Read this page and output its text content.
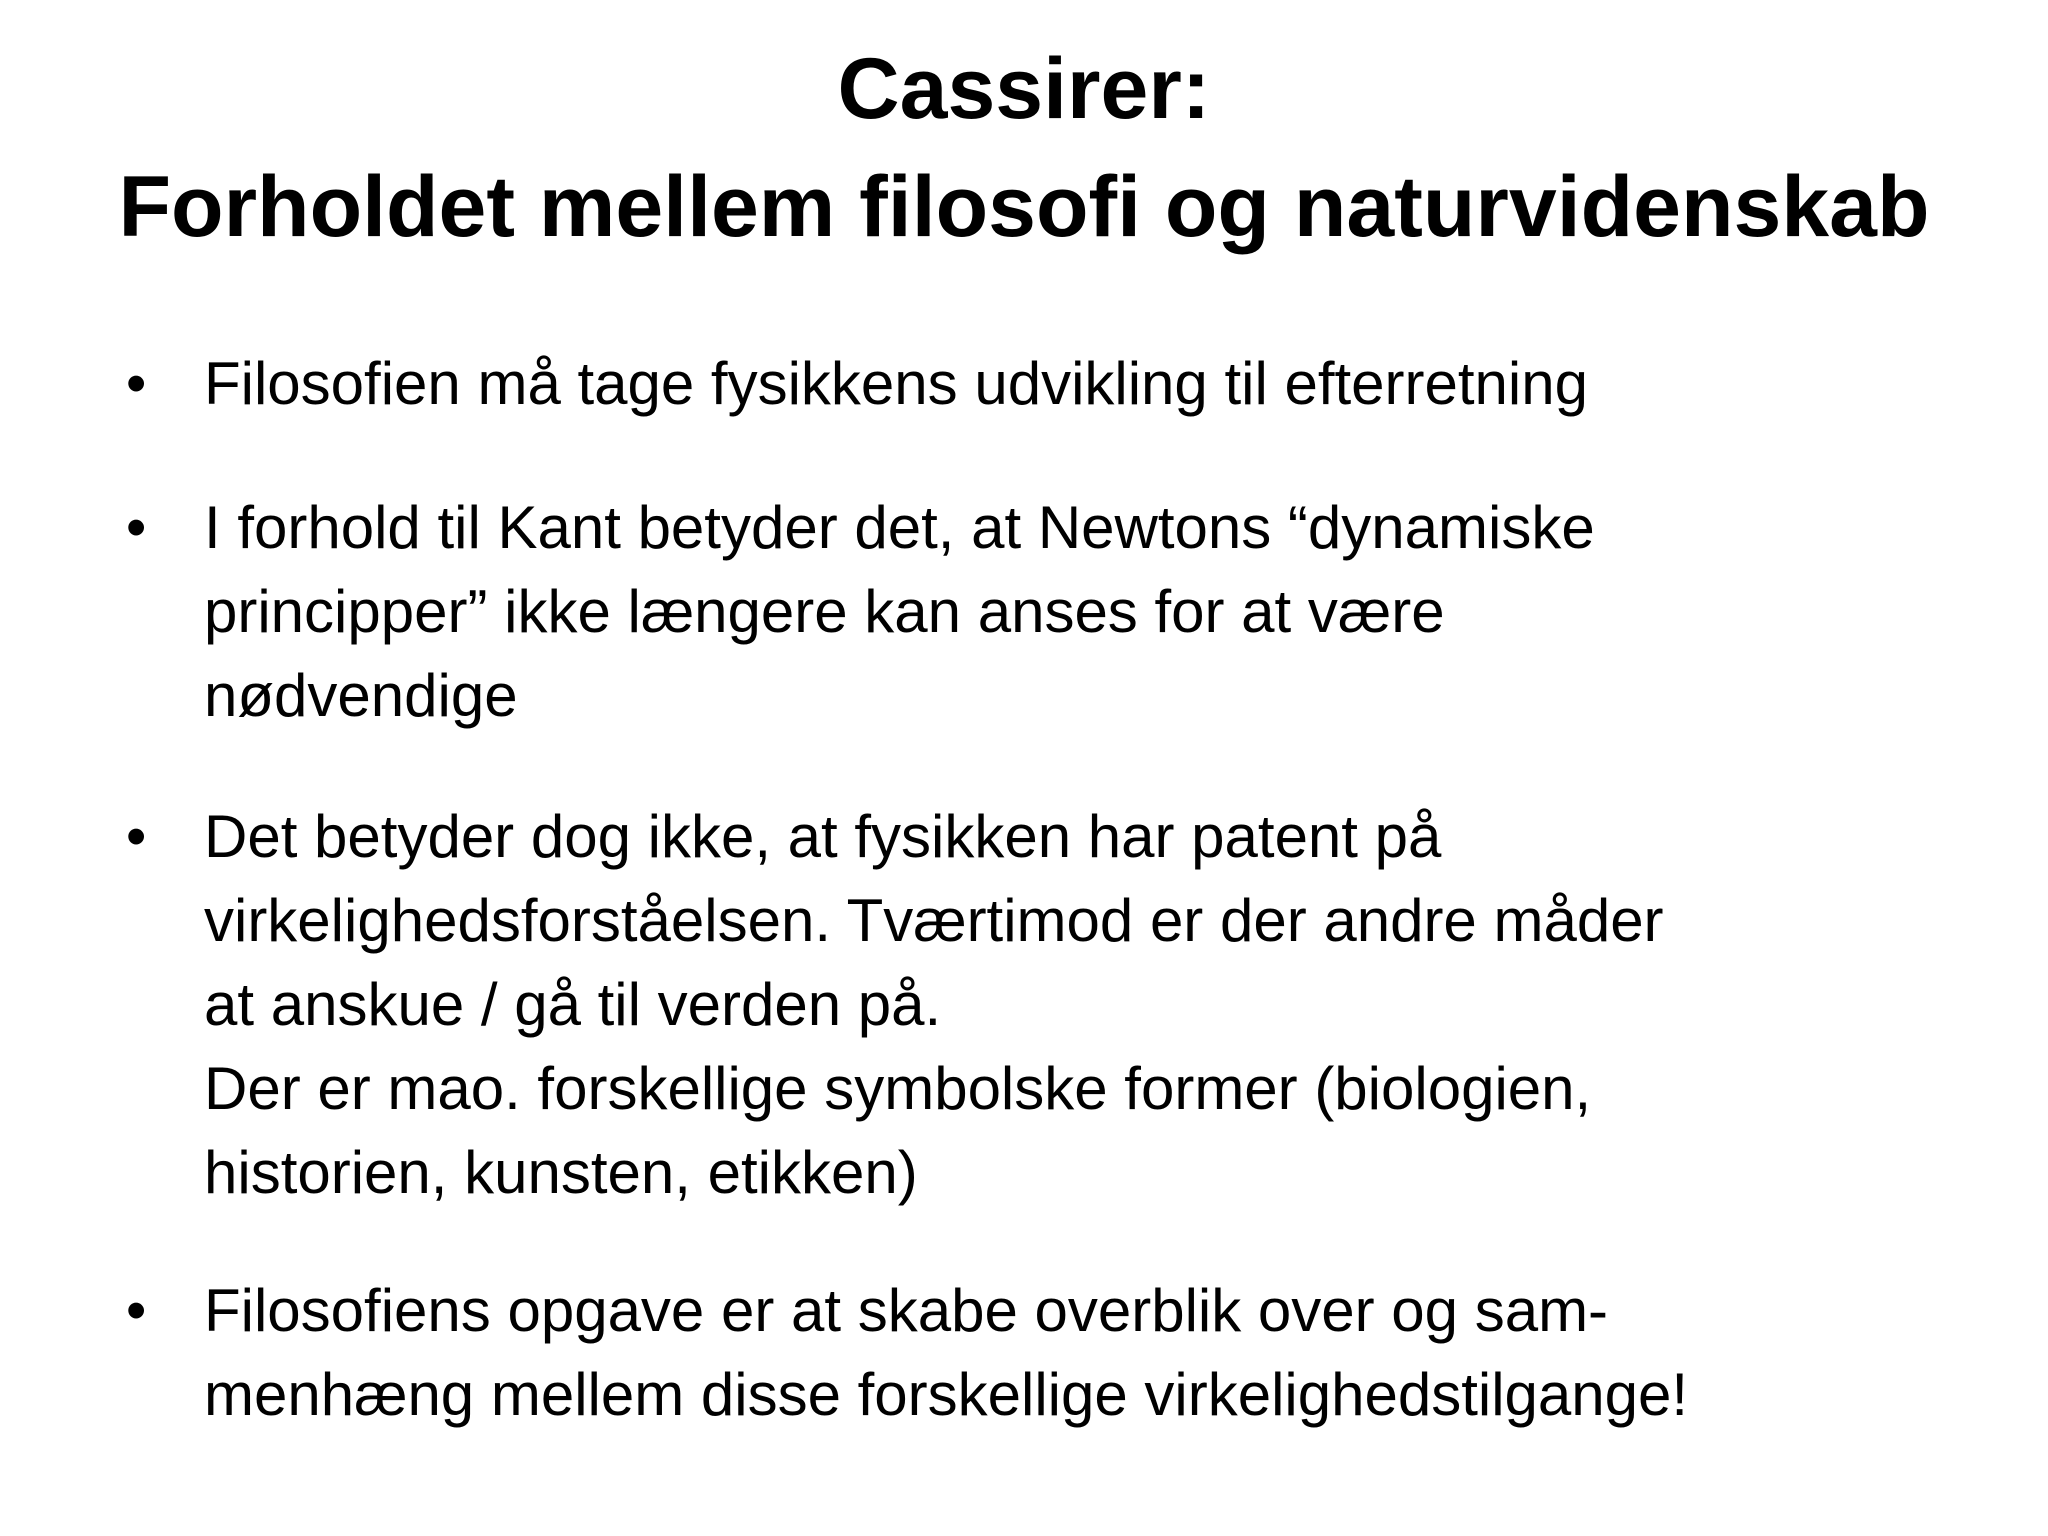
Cassirer:
Forholdet mellem filosofi og naturvidenskab
• Filosofien må tage fysikkens udvikling til efterretning
• I forhold til Kant betyder det, at Newtons “dynamiske
principper” ikke længere kan anses for at være
nødvendige
• Det betyder dog ikke, at fysikken har patent på
virkelighedsforståelsen. Tværtimod er der andre måder
at anskue / gå til verden på.
Der er mao. forskellige symbolske former (biologien,
historien, kunsten, etikken)
• Filosofiens opgave er at skabe overblik over og sam-
menhæng mellem disse forskellige virkelighedstilgange!
